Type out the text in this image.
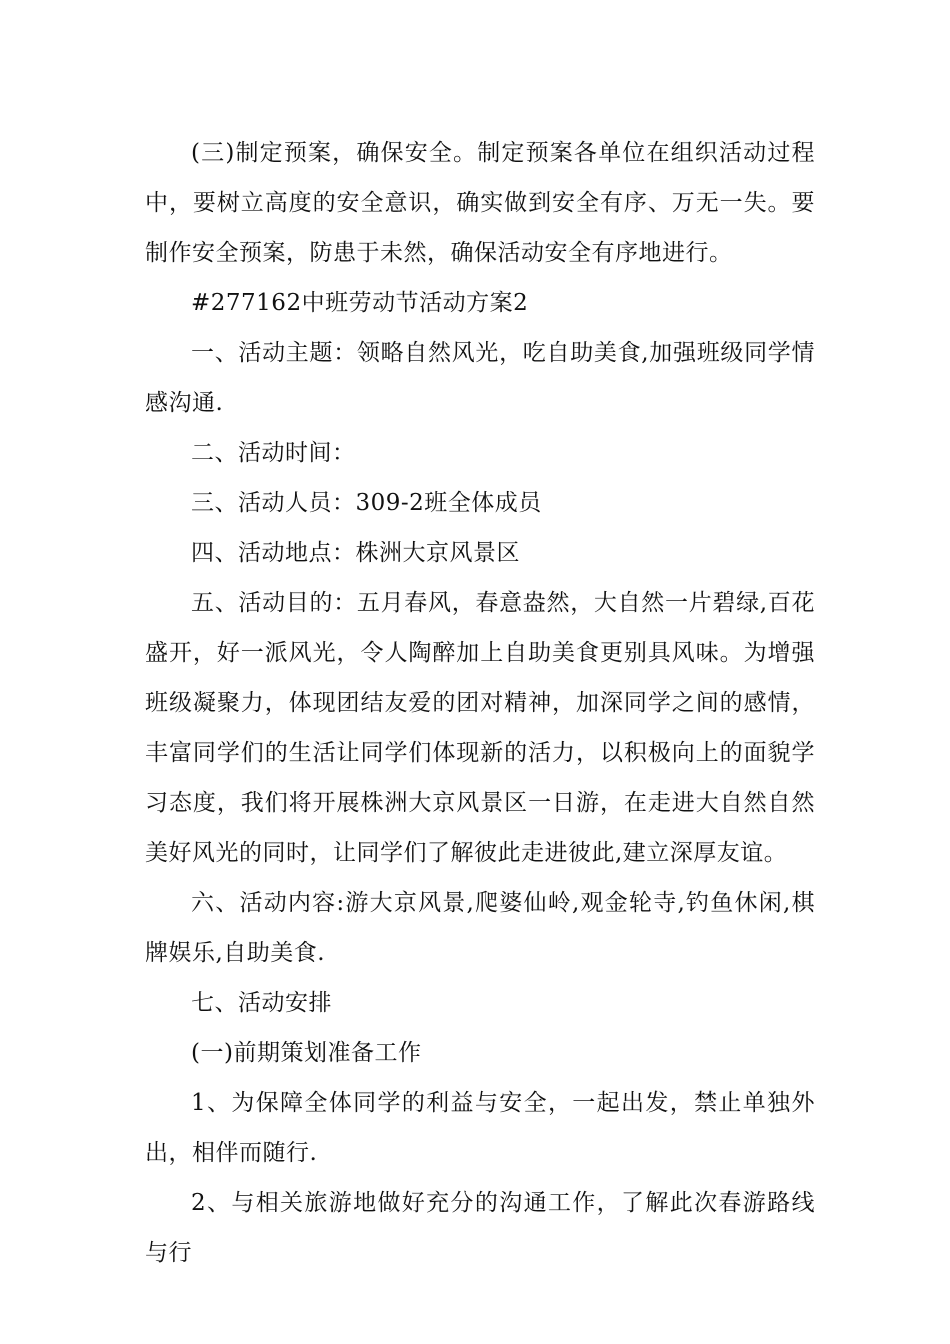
(三)制定预案，确保安全。制定预案各单位在组织活动过程中，要树立高度的安全意识，确实做到安全有序、万无一失。要制作安全预案，防患于未然，确保活动安全有序地进行。

#277162中班劳动节活动方案2

一、活动主题：领略自然风光，吃自助美食,加强班级同学情感沟通.

二、活动时间：

三、活动人员：309-2班全体成员

四、活动地点：株洲大京风景区

五、活动目的：五月春风，春意盎然，大自然一片碧绿,百花盛开，好一派风光，令人陶醉加上自助美食更别具风味。为增强班级凝聚力，体现团结友爱的团对精神，加深同学之间的感情，丰富同学们的生活让同学们体现新的活力，以积极向上的面貌学习态度，我们将开展株洲大京风景区一日游，在走进大自然自然美好风光的同时，让同学们了解彼此走进彼此,建立深厚友谊。

六、活动内容:游大京风景,爬婆仙岭,观金轮寺,钓鱼休闲,棋牌娱乐,自助美食.

七、活动安排

(一)前期策划准备工作

1、为保障全体同学的利益与安全，一起出发，禁止单独外出，相伴而随行.

2、与相关旅游地做好充分的沟通工作，了解此次春游路线与行
